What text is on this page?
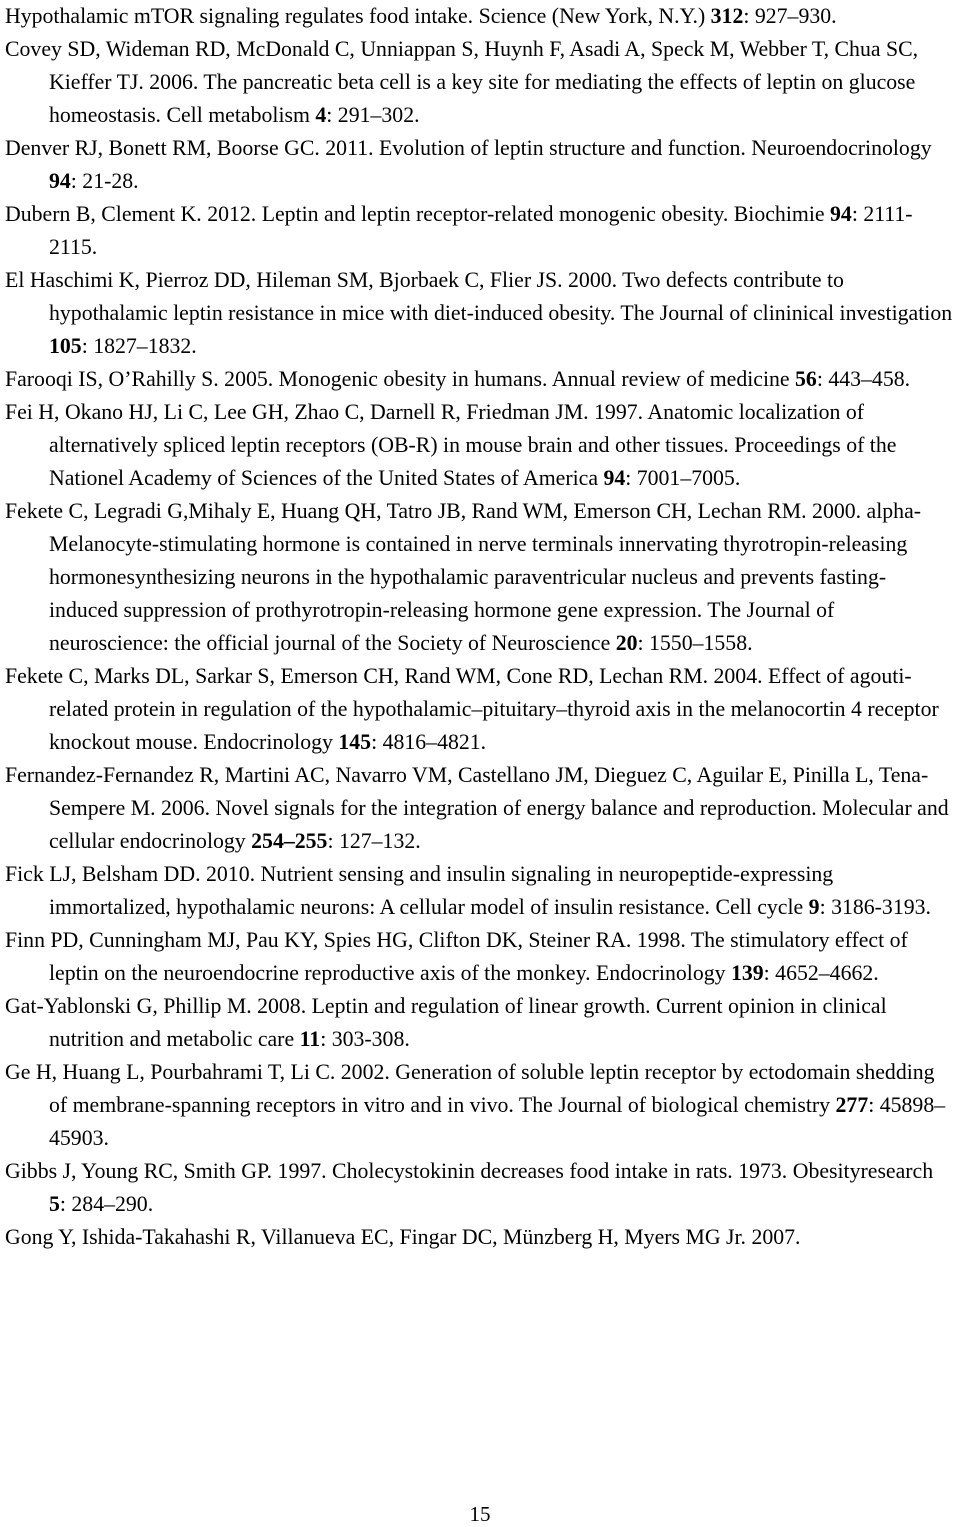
Hypothalamic mTOR signaling regulates food intake. Science (New York, N.Y.) 312: 927–930.
Covey SD, Wideman RD, McDonald C, Unniappan S, Huynh F, Asadi A, Speck M, Webber T, Chua SC, Kieffer TJ. 2006. The pancreatic beta cell is a key site for mediating the effects of leptin on glucose homeostasis. Cell metabolism 4: 291–302.
Denver RJ, Bonett RM, Boorse GC. 2011. Evolution of leptin structure and function. Neuroendocrinology 94: 21-28.
Dubern B, Clement K. 2012. Leptin and leptin receptor-related monogenic obesity. Biochimie 94: 2111-2115.
El Haschimi K, Pierroz DD, Hileman SM, Bjorbaek C, Flier JS. 2000. Two defects contribute to hypothalamic leptin resistance in mice with diet-induced obesity. The Journal of clininical investigation 105: 1827–1832.
Farooqi IS, O’Rahilly S. 2005. Monogenic obesity in humans. Annual review of medicine 56: 443–458.
Fei H, Okano HJ, Li C, Lee GH, Zhao C, Darnell R, Friedman JM. 1997. Anatomic localization of alternatively spliced leptin receptors (OB-R) in mouse brain and other tissues. Proceedings of the Nationel Academy of Sciences of the United States of America 94: 7001–7005.
Fekete C, Legradi G,Mihaly E, Huang QH, Tatro JB, Rand WM, Emerson CH, Lechan RM. 2000. alpha-Melanocyte-stimulating hormone is contained in nerve terminals innervating thyrotropin-releasing hormonesynthesizing neurons in the hypothalamic paraventricular nucleus and prevents fasting-induced suppression of prothyrotropin-releasing hormone gene expression. The Journal of neuroscience: the official journal of the Society of Neuroscience 20: 1550–1558.
Fekete C, Marks DL, Sarkar S, Emerson CH, Rand WM, Cone RD, Lechan RM. 2004. Effect of agouti-related protein in regulation of the hypothalamic–pituitary–thyroid axis in the melanocortin 4 receptor knockout mouse. Endocrinology 145: 4816–4821.
Fernandez-Fernandez R, Martini AC, Navarro VM, Castellano JM, Dieguez C, Aguilar E, Pinilla L, Tena-Sempere M. 2006. Novel signals for the integration of energy balance and reproduction. Molecular and cellular endocrinology 254–255: 127–132.
Fick LJ, Belsham DD. 2010. Nutrient sensing and insulin signaling in neuropeptide-expressing immortalized, hypothalamic neurons: A cellular model of insulin resistance. Cell cycle 9: 3186-3193.
Finn PD, Cunningham MJ, Pau KY, Spies HG, Clifton DK, Steiner RA. 1998. The stimulatory effect of leptin on the neuroendocrine reproductive axis of the monkey. Endocrinology 139: 4652–4662.
Gat-Yablonski G, Phillip M. 2008. Leptin and regulation of linear growth. Current opinion in clinical nutrition and metabolic care 11: 303-308.
Ge H, Huang L, Pourbahrami T, Li C. 2002. Generation of soluble leptin receptor by ectodomain shedding of membrane-spanning receptors in vitro and in vivo. The Journal of biological chemistry 277: 45898–45903.
Gibbs J, Young RC, Smith GP. 1997. Cholecystokinin decreases food intake in rats. 1973. Obesityresearch 5: 284–290.
Gong Y, Ishida-Takahashi R, Villanueva EC, Fingar DC, Münzberg H, Myers MG Jr. 2007.
15
